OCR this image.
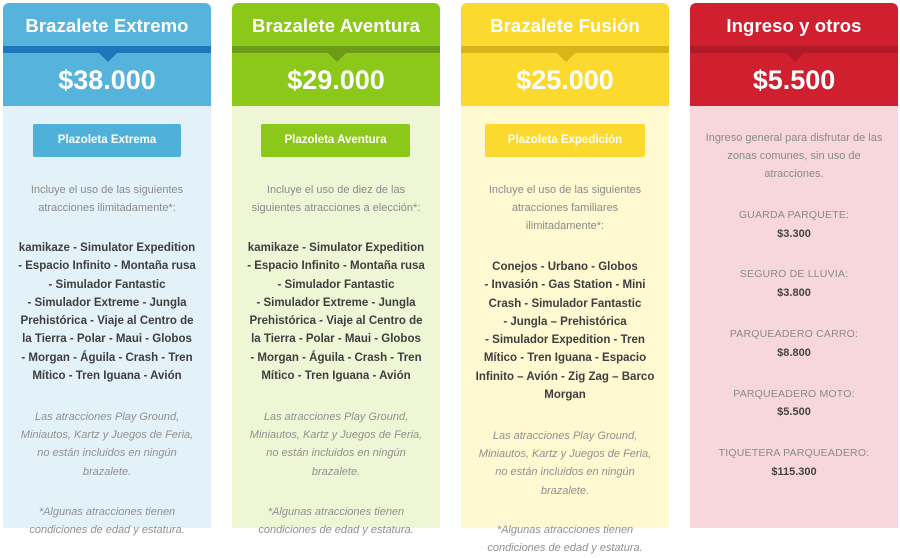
Brazalete Extremo
$38.000
Plazoleta Extrema
Incluye el uso de las siguientes
atracciones ilimitadamente*:
kamikaze - Simulator Expedition
- Espacio Infinito - Montaña rusa
- Simulador Fantastic
- Simulador Extreme - Jungla
Prehistórica - Viaje al Centro de
la Tierra - Polar - Maui - Globos
- Morgan - Águila - Crash - Tren
Mítico - Tren Iguana - Avión
Las atracciones Play Ground,
Miniautos, Kartz y Juegos de Feria,
no están incluidos en ningún
brazalete.
*Algunas atracciones tienen
condiciones de edad y estatura.
Brazalete Aventura
$29.000
Plazoleta Aventura
Incluye el uso de diez de las
siguientes atracciones a elección*:
kamikaze - Simulator Expedition
- Espacio Infinito - Montaña rusa
- Simulador Fantastic
- Simulador Extreme - Jungla
Prehistórica - Viaje al Centro de
la Tierra - Polar - Maui - Globos
- Morgan - Águila - Crash - Tren
Mítico - Tren Iguana - Avión
Las atracciones Play Ground,
Miniautos, Kartz y Juegos de Feria,
no están incluidos en ningún
brazalete.
*Algunas atracciones tienen
condiciones de edad y estatura.
Brazalete Fusión
$25.000
Plazoleta Expedición
Incluye el uso de las siguientes
atracciones familiares
ilimitadamente*:
Conejos - Urbano - Globos
- Invasión - Gas Station - Mini
Crash - Simulador Fantastic
- Jungla – Prehistórica
- Simulador Expedition - Tren
Mítico - Tren Iguana - Espacio
Infinito – Avión - Zig Zag – Barco
Morgan
Las atracciones Play Ground,
Miniautos, Kartz y Juegos de Feria,
no están incluidos en ningún
brazalete.
*Algunas atracciones tienen
condiciones de edad y estatura.
Ingreso y otros
$5.500
Ingreso general para disfrutar de las
zonas comunes, sin uso de
atracciones.
GUARDA PARQUETE:
$3.300
SEGURO DE LLUVIA:
$3.800
PARQUEADERO CARRO:
$8.800
PARQUEADERO MOTO:
$5.500
TIQUETERA PARQUEADERO:
$115.300
